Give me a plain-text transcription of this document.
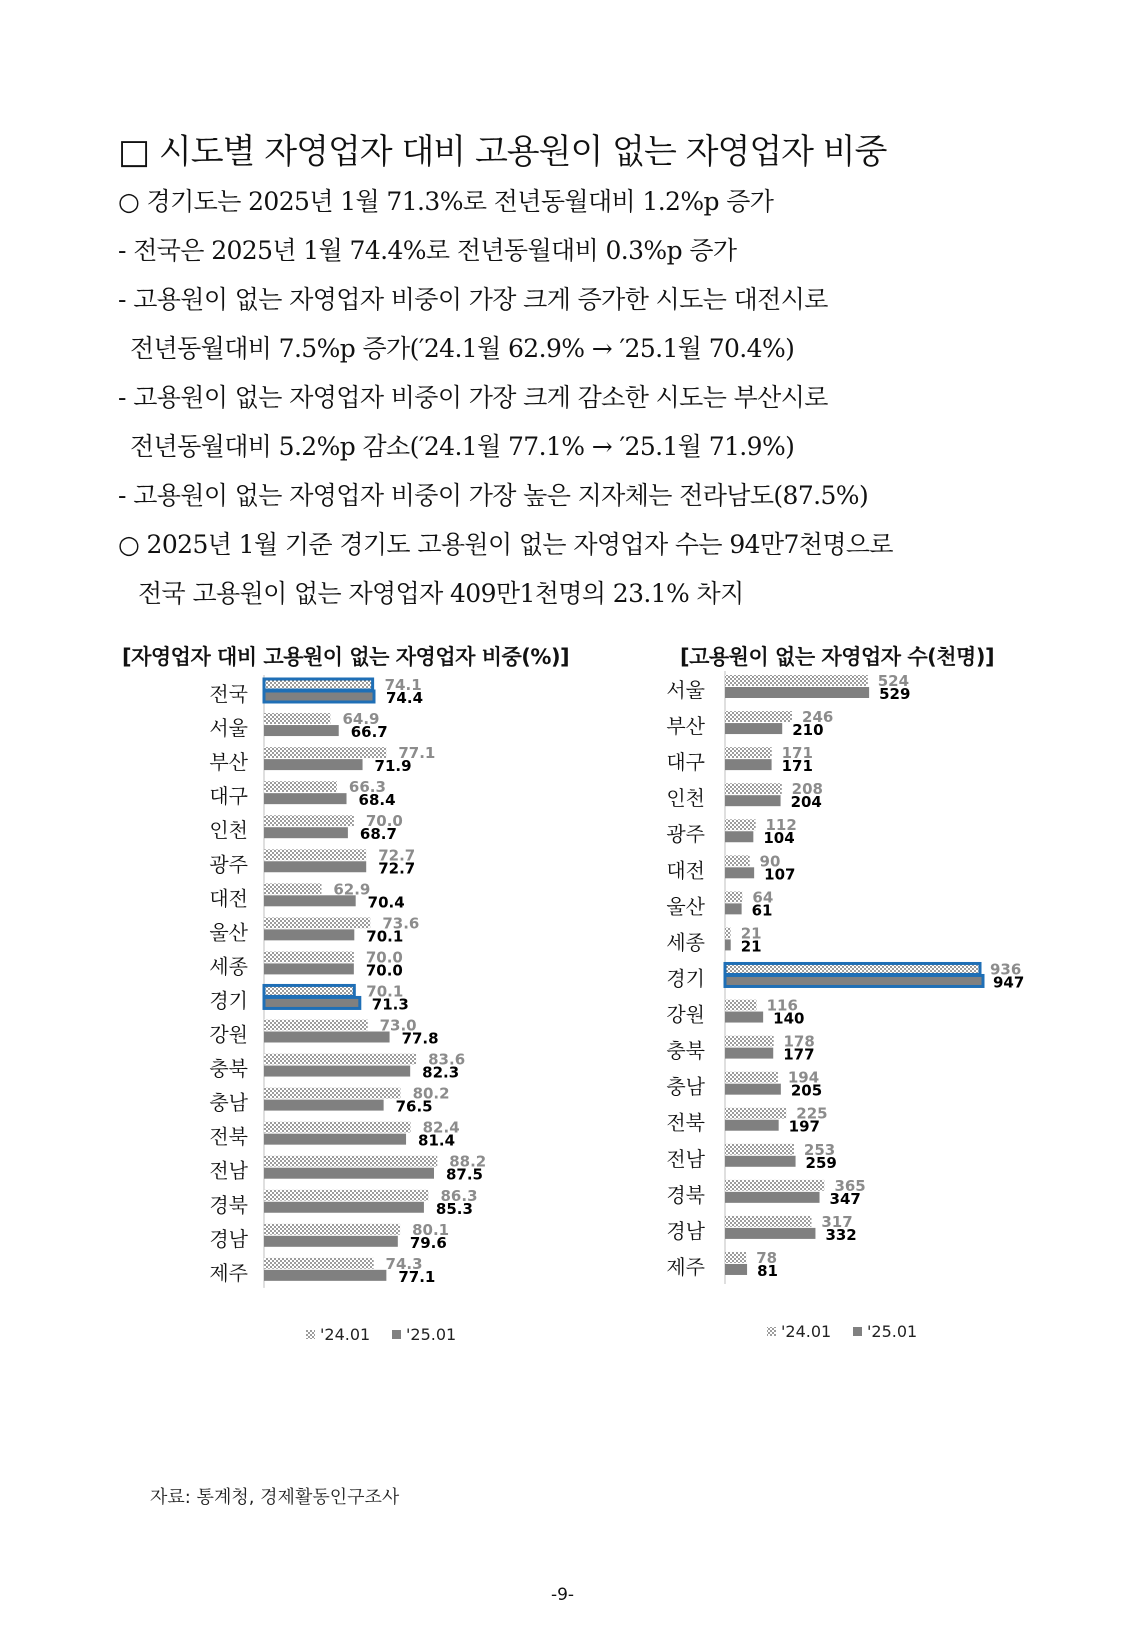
□ 시도별 자영업자 대비 고용원이 없는 자영업자 비중
○ 경기도는 2025년 1월 71.3%로 전년동월대비 1.2%p 증가
- 전국은 2025년 1월 74.4%로 전년동월대비 0.3%p 증가
- 고용원이 없는 자영업자 비중이 가장 크게 증가한 시도는 대전시로
전년동월대비 7.5%p 증가(′24.1월 62.9% → ′25.1월 70.4%)
- 고용원이 없는 자영업자 비중이 가장 크게 감소한 시도는 부산시로
전년동월대비 5.2%p 감소(′24.1월 77.1% → ′25.1월 71.9%)
- 고용원이 없는 자영업자 비중이 가장 높은 지자체는 전라남도(87.5%)
○ 2025년 1월 기준 경기도 고용원이 없는 자영업자 수는 94만7천명으로
전국 고용원이 없는 자영업자 409만1천명의 23.1% 차지
[자영업자 대비 고용원이 없는 자영업자 비중(%)]	[고용원이 없는 자영업자 수(천명)]
전국	74.1
74.4
서울	64.9
66.7
부산	77.1
71.9
대구	66.3
68.4
인천	70.0
68.7
광주	72.7
72.7
대전	62.9
70.4
울산	73.6
70.1
세종	70.0
70.0
경기	70.1
71.3
강원	73.0
77.8
충북	83.6
82.3
충남	80.2
76.5
전북	82.4
81.4
전남	88.2
87.5
경북	86.3
85.3
경남	80.1
79.6
제주	74.3
77.1
서울	524
529
부산	246
210
대구	171
171
인천	208
204
광주	112
104
대전	90
107
울산	64
61
세종 21
21
경기	936
947
강원	116
140
충북	178
177
충남	194
205
전북	225
197
전남	253
259
경북	365
347
경남	317
332
제주	78
81
'24.01 '25.01	'24.01 '25.01
자료: 통계청, 경제활동인구조사
-9-
